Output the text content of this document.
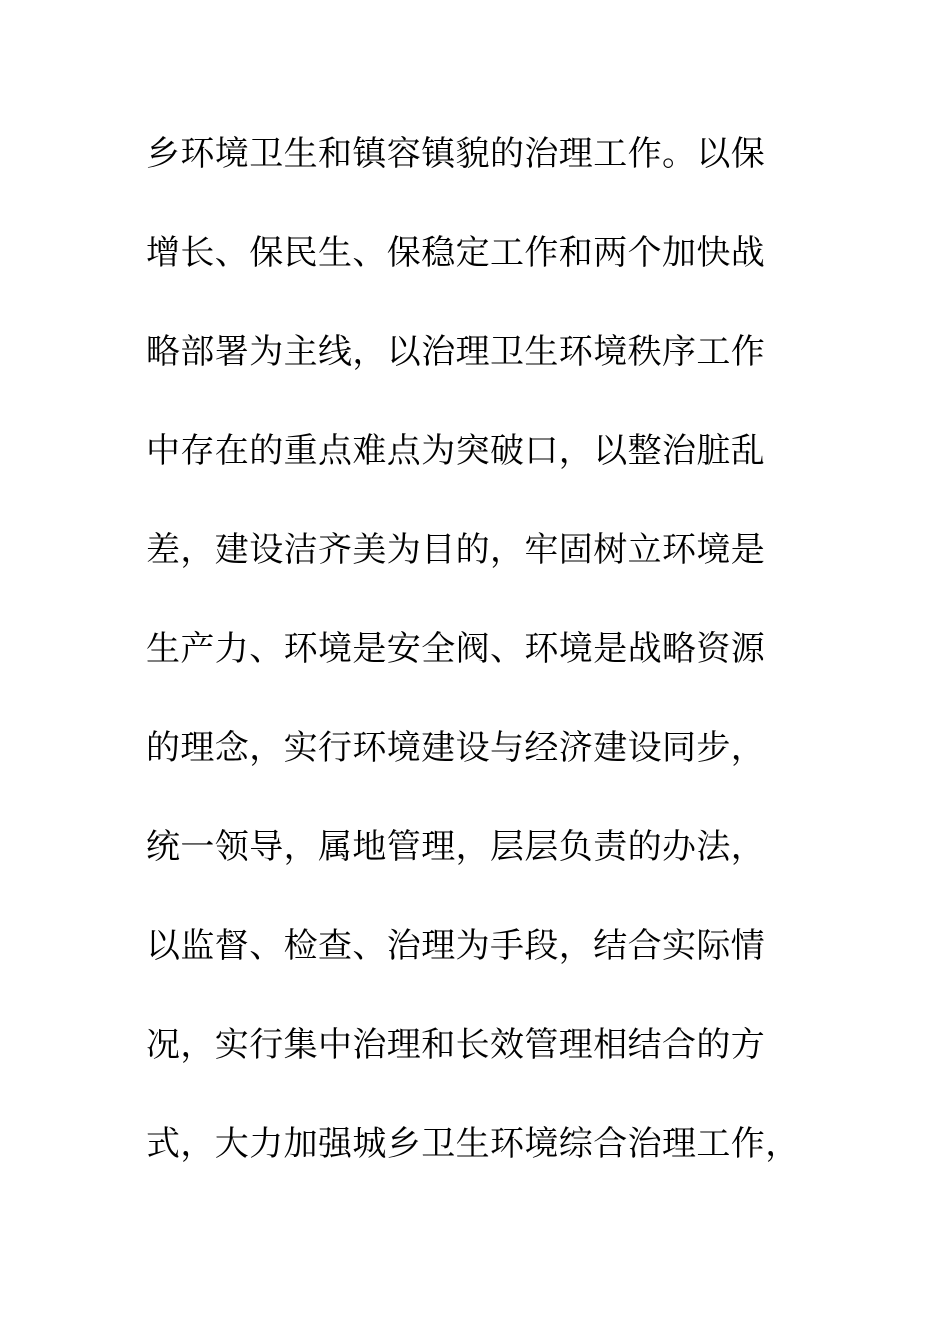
乡环境卫生和镇容镇貌的治理工作。以保
增长、保民生、保稳定工作和两个加快战
略部署为主线，以治理卫生环境秩序工作
中存在的重点难点为突破口，以整治脏乱
差，建设洁齐美为目的，牢固树立环境是
生产力、环境是安全阀、环境是战略资源
的理念，实行环境建设与经济建设同步，
统一领导，属地管理，层层负责的办法，
以监督、检查、治理为手段，结合实际情
况，实行集中治理和长效管理相结合的方
式，大力加强城乡卫生环境综合治理工作，
